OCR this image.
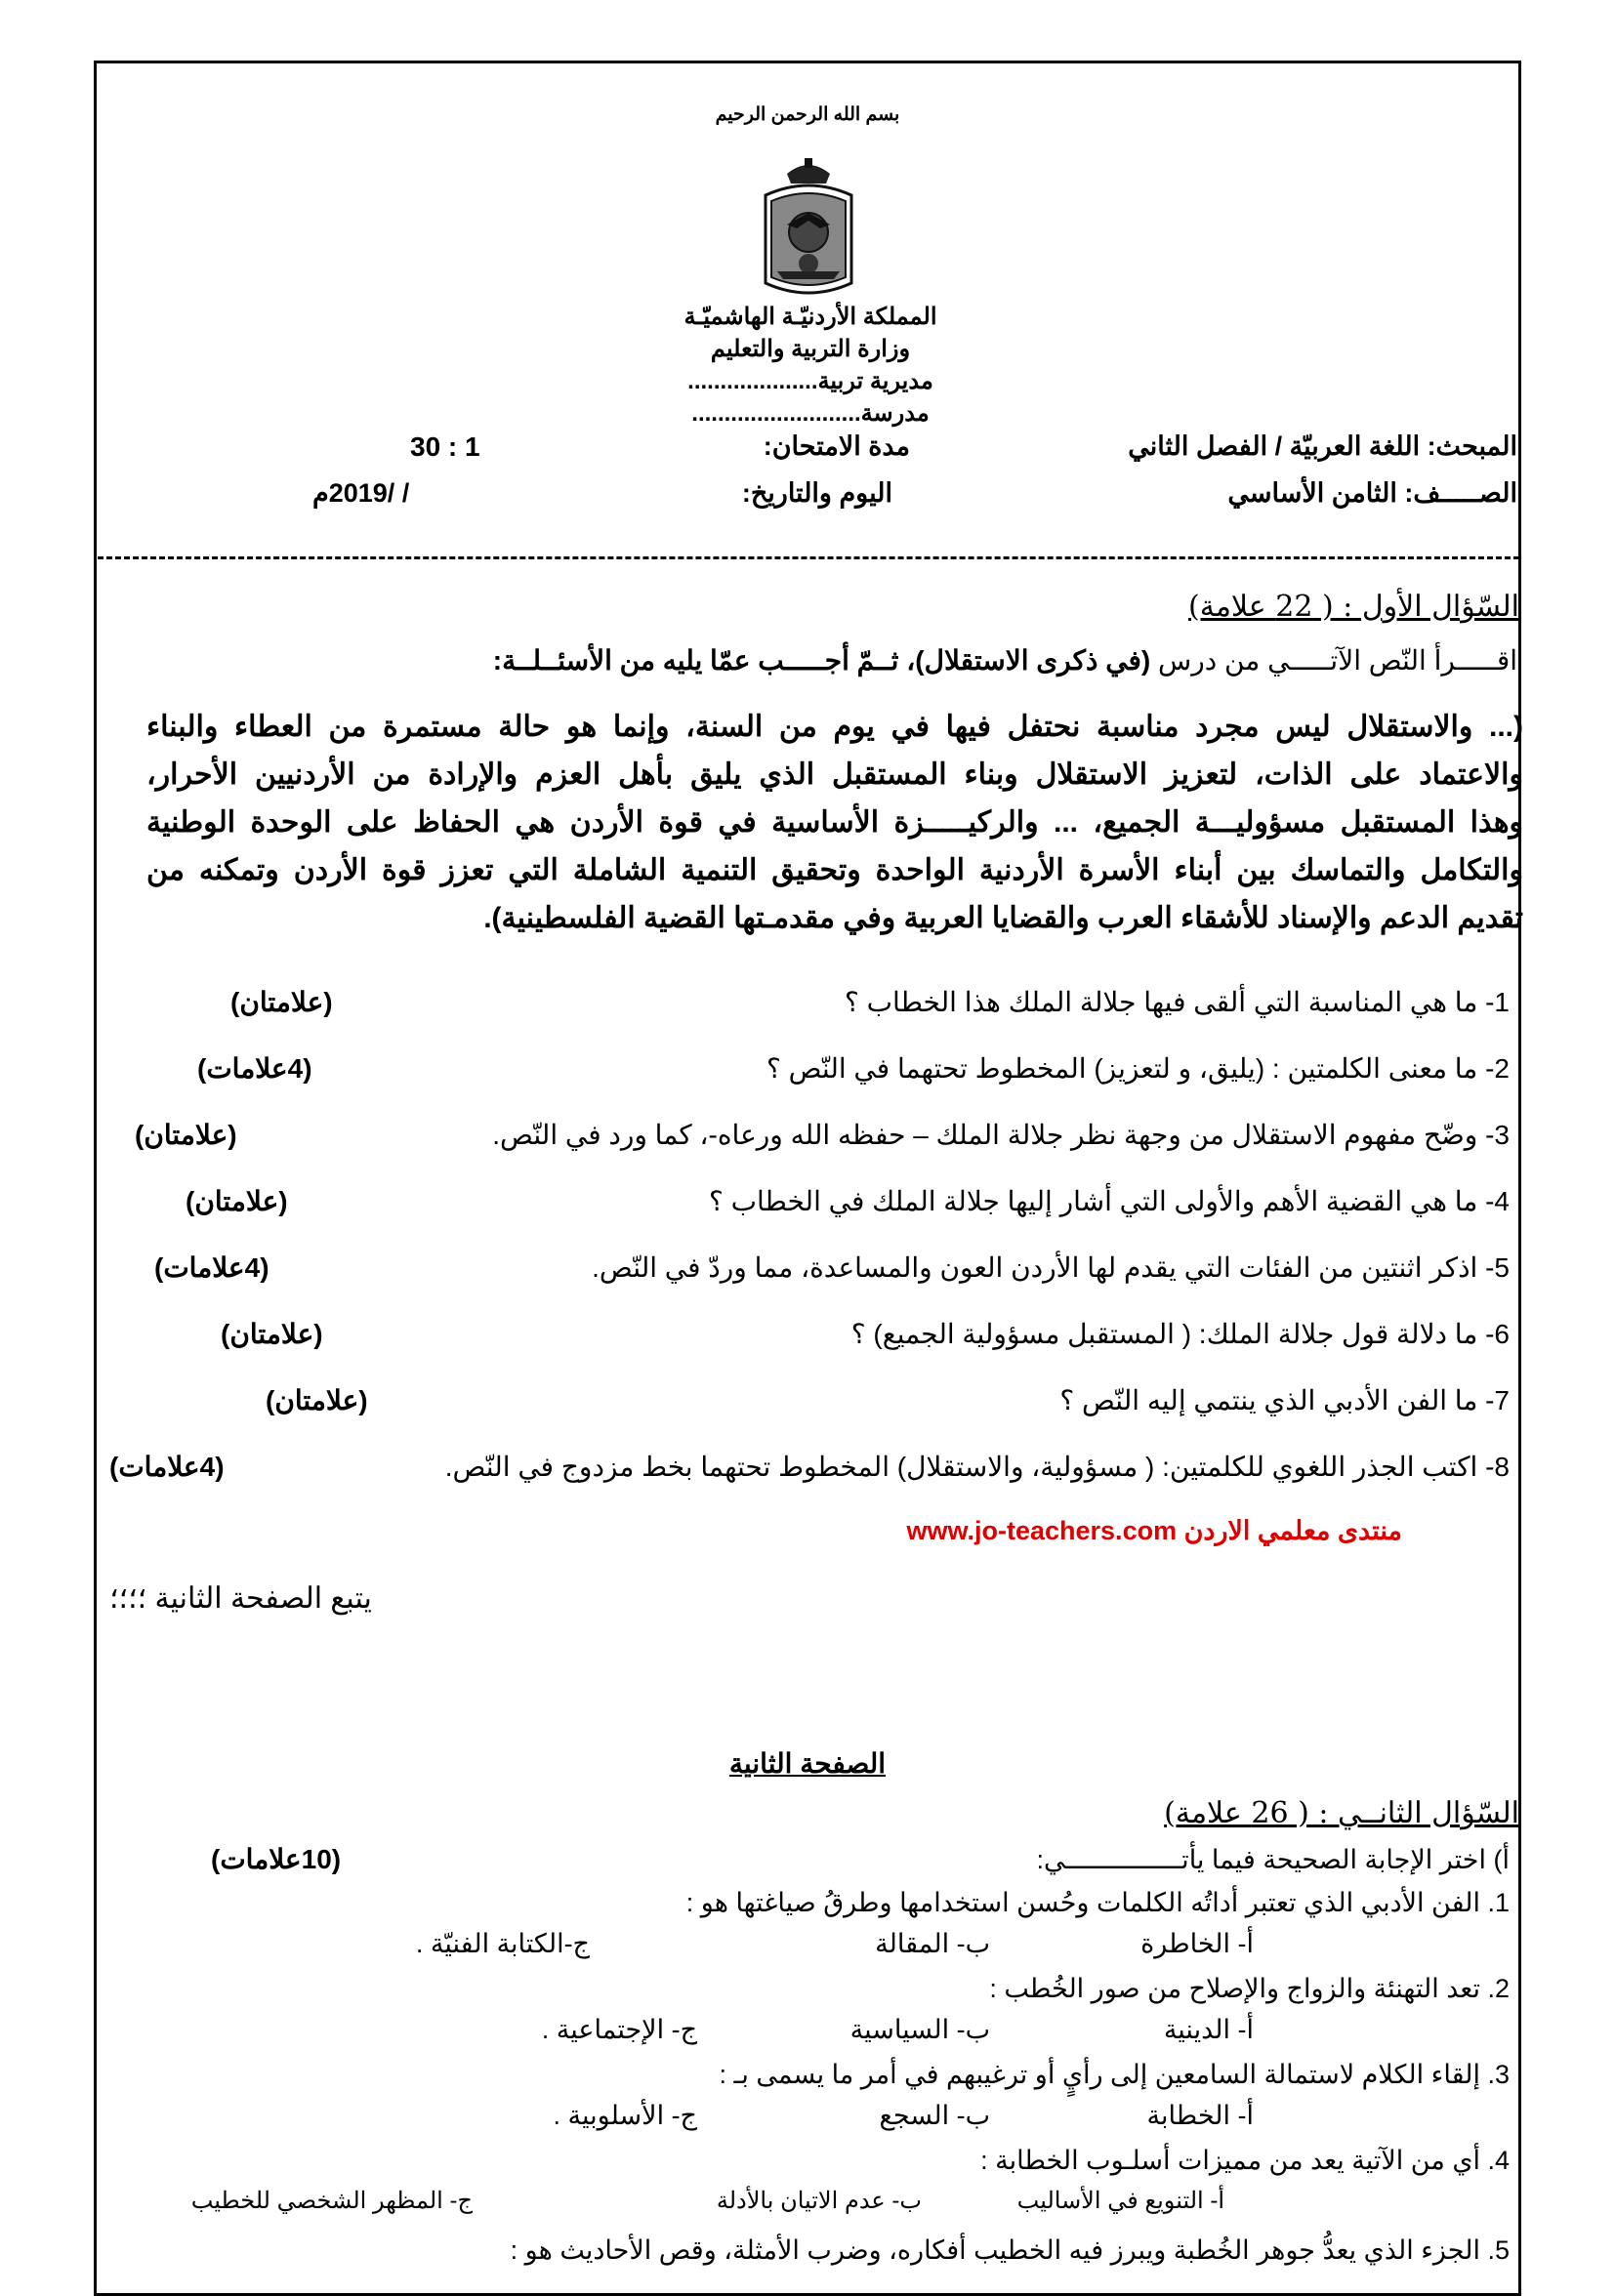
بسم الله الرحمن الرحيم
المملكة الأردنيّـة الهاشميّـة
وزارة التربية والتعليم
مديرية تربية....................
مدرسة..........................
المبحث: اللغة العربيّة / الفصل الثاني
الصـــــف: الثامن الأساسي
مدة الامتحان:
30 : 1
اليوم والتاريخ:
/ /2019م
السّؤال الأول : ( 22 علامة)
اقـــــرأ النّص الآتـــــي من درس (في ذكرى الاستقلال)، ثــمّ أجـــــب عمّا يليه من الأسئــلــة:
(... والاستقلال ليس مجرد مناسبة نحتفل فيها في يوم من السنة، وإنما هو حالة مستمرة من العطاء والبناء
والاعتماد على الذات، لتعزيز الاستقلال وبناء المستقبل الذي يليق بأهل العزم والإرادة من الأردنيين الأحرار،
وهذا المستقبل مسؤوليـــة الجميع، ... والركيـــــزة الأساسية في قوة الأردن هي الحفاظ على الوحدة الوطنية
والتكامل والتماسك بين أبناء الأسرة الأردنية الواحدة وتحقيق التنمية الشاملة التي تعزز قوة الأردن وتمكنه من
تقديم الدعم والإسناد للأشقاء العرب والقضايا العربية وفي مقدمـتها القضية الفلسطينية).
1- ما هي المناسبة التي ألقى فيها جلالة الملك هذا الخطاب ؟
(علامتان)
2- ما معنى الكلمتين : (يليق، و لتعزيز) المخطوط تحتهما في النّص ؟
(4علامات)
3- وضّح مفهوم الاستقلال من وجهة نظر جلالة الملك – حفظه الله ورعاه-، كما ورد في النّص.
(علامتان)
4- ما هي القضية الأهم والأولى التي أشار إليها جلالة الملك في الخطاب ؟
(علامتان)
5- اذكر اثنتين من الفئات التي يقدم لها الأردن العون والمساعدة، مما وردّ في النّص.
(4علامات)
6- ما دلالة قول جلالة الملك: ( المستقبل مسؤولية الجميع) ؟
(علامتان)
7- ما الفن الأدبي الذي ينتمي إليه النّص ؟
(علامتان)
8- اكتب الجذر اللغوي للكلمتين: ( مسؤولية، والاستقلال) المخطوط تحتهما بخط مزدوج في النّص.
(4علامات)
منتدى معلمي الاردن www.jo-teachers.com
يتبع الصفحة الثانية ؛؛؛؛
الصفحة الثانية
السّؤال الثانــي : ( 26 علامة)
أ) اختر الإجابة الصحيحة فيما يأتـــــــــــــــي:
(10علامات)
1. الفن الأدبي الذي تعتبر أداتُه الكلمات وحُسن استخدامها وطرقُ صياغتها هو :
أ- الخاطرة
ب- المقالة
ج-الكتابة الفنيّة .
2. تعد التهنئة والزواج والإصلاح من صور الخُطب :
أ- الدينية
ب- السياسية
ج- الإجتماعية .
3. إلقاء الكلام لاستمالة السامعين إلى رأيٍ أو ترغيبهم في أمر ما يسمى بـ :
أ- الخطابة
ب- السجع
ج- الأسلوبية .
4. أي من الآتية يعد من مميزات أسلـوب الخطابة :
أ- التنويع في الأساليب
ب- عدم الاتيان بالأدلة
ج- المظهر الشخصي للخطيب
5. الجزء الذي يعدُّ جوهر الخُطبة ويبرز فيه الخطيب أفكاره، وضرب الأمثلة، وقص الأحاديث هو :
